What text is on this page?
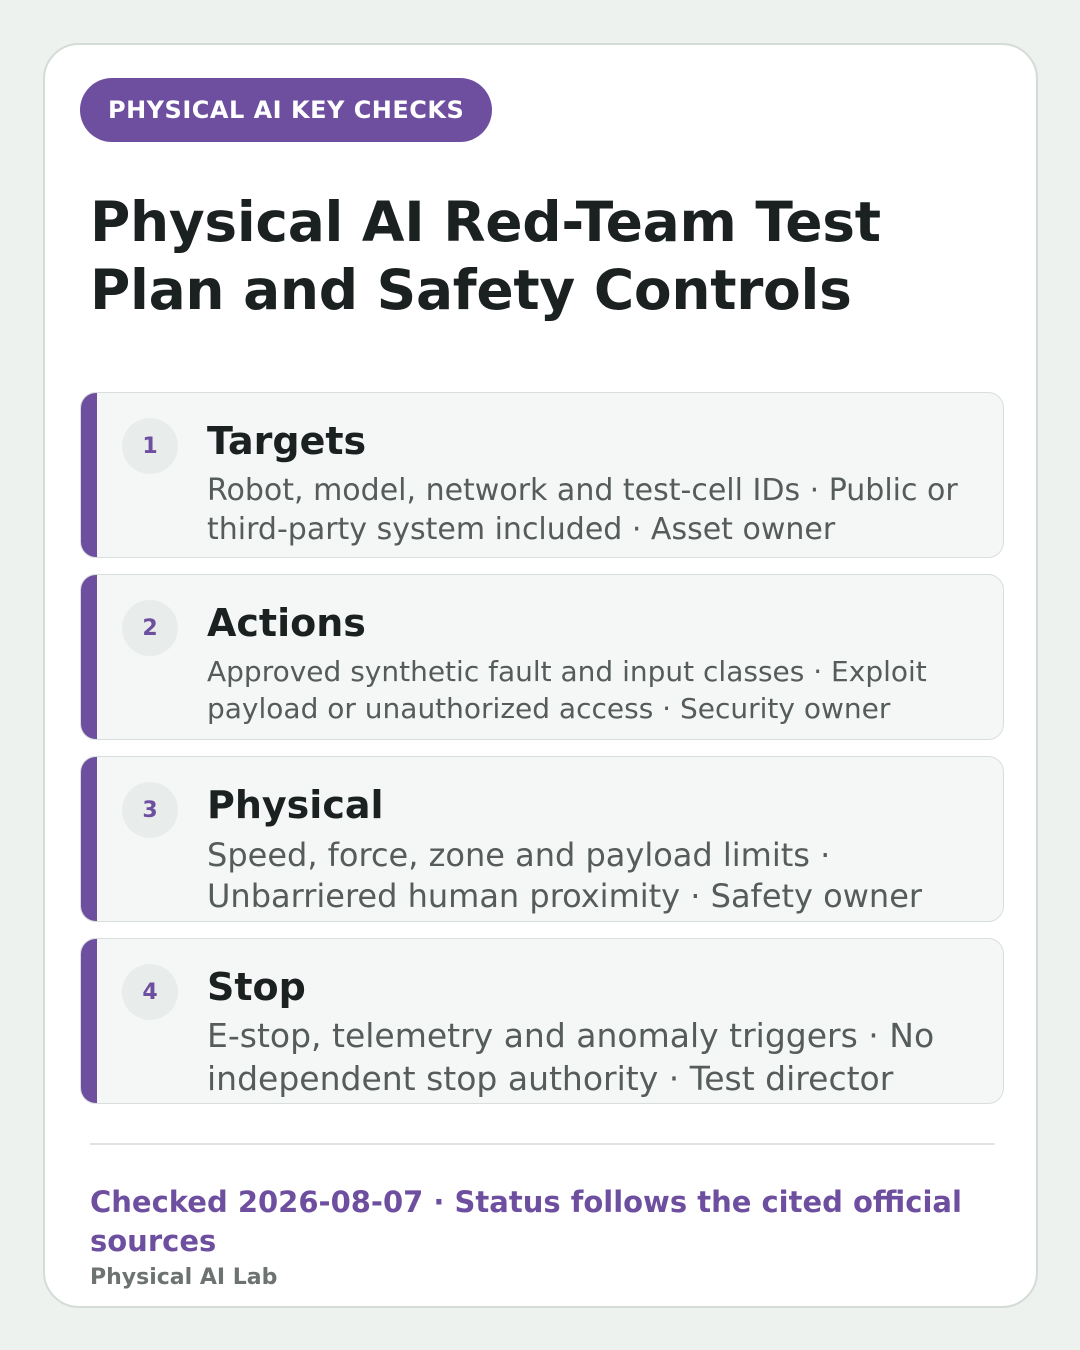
PHYSICAL AI KEY CHECKS
Physical AI Red-Team Test Plan and Safety Controls
1	Targets
Robot, model, network and test-cell IDs · Public or third-party system included · Asset owner
2	Actions
Approved synthetic fault and input classes · Exploit payload or unauthorized access · Security owner
3	Physical
Speed, force, zone and payload limits · Unbarriered human proximity · Safety owner
4	Stop
E-stop, telemetry and anomaly triggers · No independent stop authority · Test director
Checked 2026-08-07 · Status follows the cited official sources
Physical AI Lab
